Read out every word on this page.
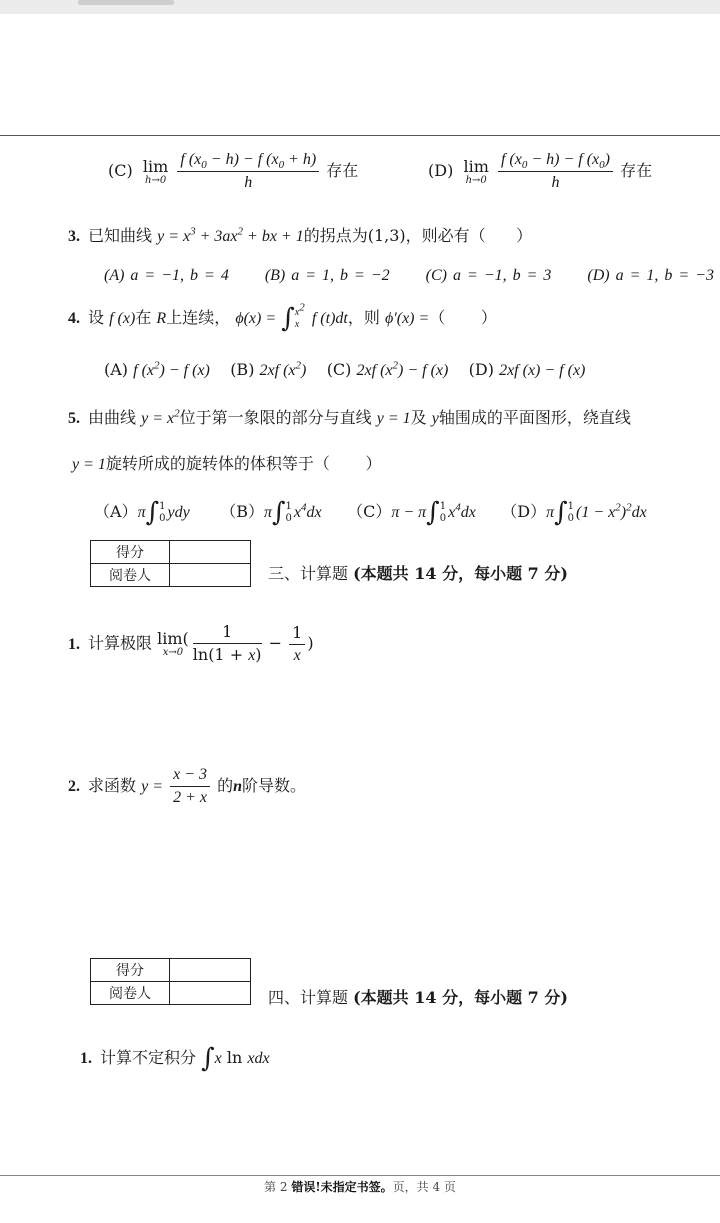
(C) lim
h→0
$\frac{f (x_0 - h) - f (x_0 + h)}{h}$ 存在	(D) lim
h→0
$\frac{f (x_0 - h) - f (x_0)}{h}$ 存在
3. 已知曲线 $y = x^3 + 3ax^2$ + bx + 1的拐点为(1,3)，则必有（ ）
(A) a = −1, b = 4 (B) a = 1, b = −2 (C) a = −1, b = 3 (D) a = 1, b = −3
4. 设 f (x)在 R上连续， ϕ(x) = ∫ $x^2$
x f (t)dt，则 ϕ′(x) =（ ）
(A) f $(x^2) - f$ (x) (B) 2xf $(x^2)$ (C) 2xf $(x^2) - f$ (x) (D) 2xf (x) − f (x)
5. 由曲线 $y = x^2$位于第一象限的部分与直线 y = 1及 y轴围成的平面图形，绕直线
y = 1旋转所成的旋转体的体积等于（ ）
（A）π∫ 1
0 ydy （B）π∫ 1
0 $x^4dx$ （C）π − π∫ 1
0 $x^4dx$ （D）π∫ 1
0 $(1 - x^2)^2dx$
得分	
阅卷人		三、计算题 (本题共 14 分，每小题 7 分)
1. 计算极限 lim(
$x\to 0 \frac{1}{\ln(1 + x)} - \frac{1}{x}$ )
2. 求函数 $y = \frac{x - 3}{2 + x}$ 的n阶导数。
得分	
阅卷人		四、计算题 (本题共 14 分，每小题 7 分)
1. 计算不定积分 ∫x ln xdx
第 2 错误!未指定书签。页，共 4 页
